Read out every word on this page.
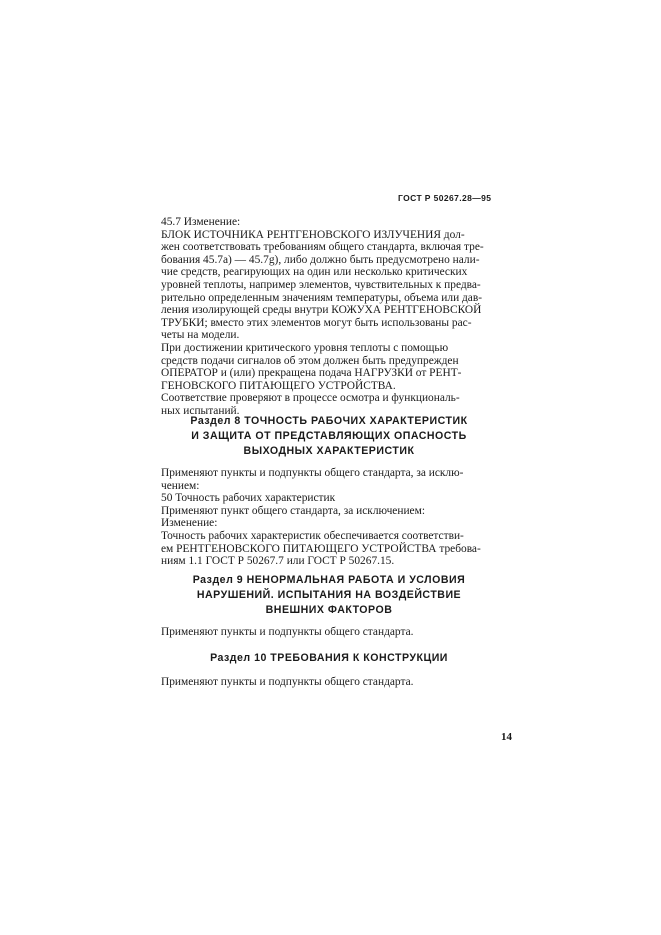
ГОСТ Р 50267.28—95

45.7 Изменение:

БЛОК ИСТОЧНИКА РЕНТГЕНОВСКОГО ИЗЛУЧЕНИЯ дол-
жен соответствовать требованиям общего стандарта, включая тре-
бования 45.7a) — 45.7g), либо должно быть предусмотрено нали-
чие средств, реагирующих на один или несколько критических
уровней теплоты, например элементов, чувствительных к предва-
рительно определенным значениям температуры, объема или дав-
ления изолирующей среды внутри КОЖУХА РЕНТГЕНОВСКОЙ
ТРУБКИ; вместо этих элементов могут быть использованы рас-
четы на модели.

При достижении критического уровня теплоты с помощью
средств подачи сигналов об этом должен быть предупрежден
ОПЕРАТОР и (или) прекращена подача НАГРУЗКИ от РЕНТ-
ГЕНОВСКОГО ПИТАЮЩЕГО УСТРОЙСТВА.

Соответствие проверяют в процессе осмотра и функциональ-
ных испытаний.

Раздел 8 ТОЧНОСТЬ РАБОЧИХ ХАРАКТЕРИСТИК
И ЗАЩИТА ОТ ПРЕДСТАВЛЯЮЩИХ ОПАСНОСТЬ
ВЫХОДНЫХ ХАРАКТЕРИСТИК

Применяют пункты и подпункты общего стандарта, за исклю-
чением:

50 Точность рабочих характеристик

Применяют пункт общего стандарта, за исключением:

Изменение:

Точность рабочих характеристик обеспечивается соответстви-
ем РЕНТГЕНОВСКОГО ПИТАЮЩЕГО УСТРОЙСТВА требова-
ниям 1.1 ГОСТ Р 50267.7 или ГОСТ Р 50267.15.

Раздел 9 НЕНОРМАЛЬНАЯ РАБОТА И УСЛОВИЯ
НАРУШЕНИЙ. ИСПЫТАНИЯ НА ВОЗДЕЙСТВИЕ
ВНЕШНИХ ФАКТОРОВ

Применяют пункты и подпункты общего стандарта.

Раздел 10 ТРЕБОВАНИЯ К КОНСТРУКЦИИ

Применяют пункты и подпункты общего стандарта.

14
